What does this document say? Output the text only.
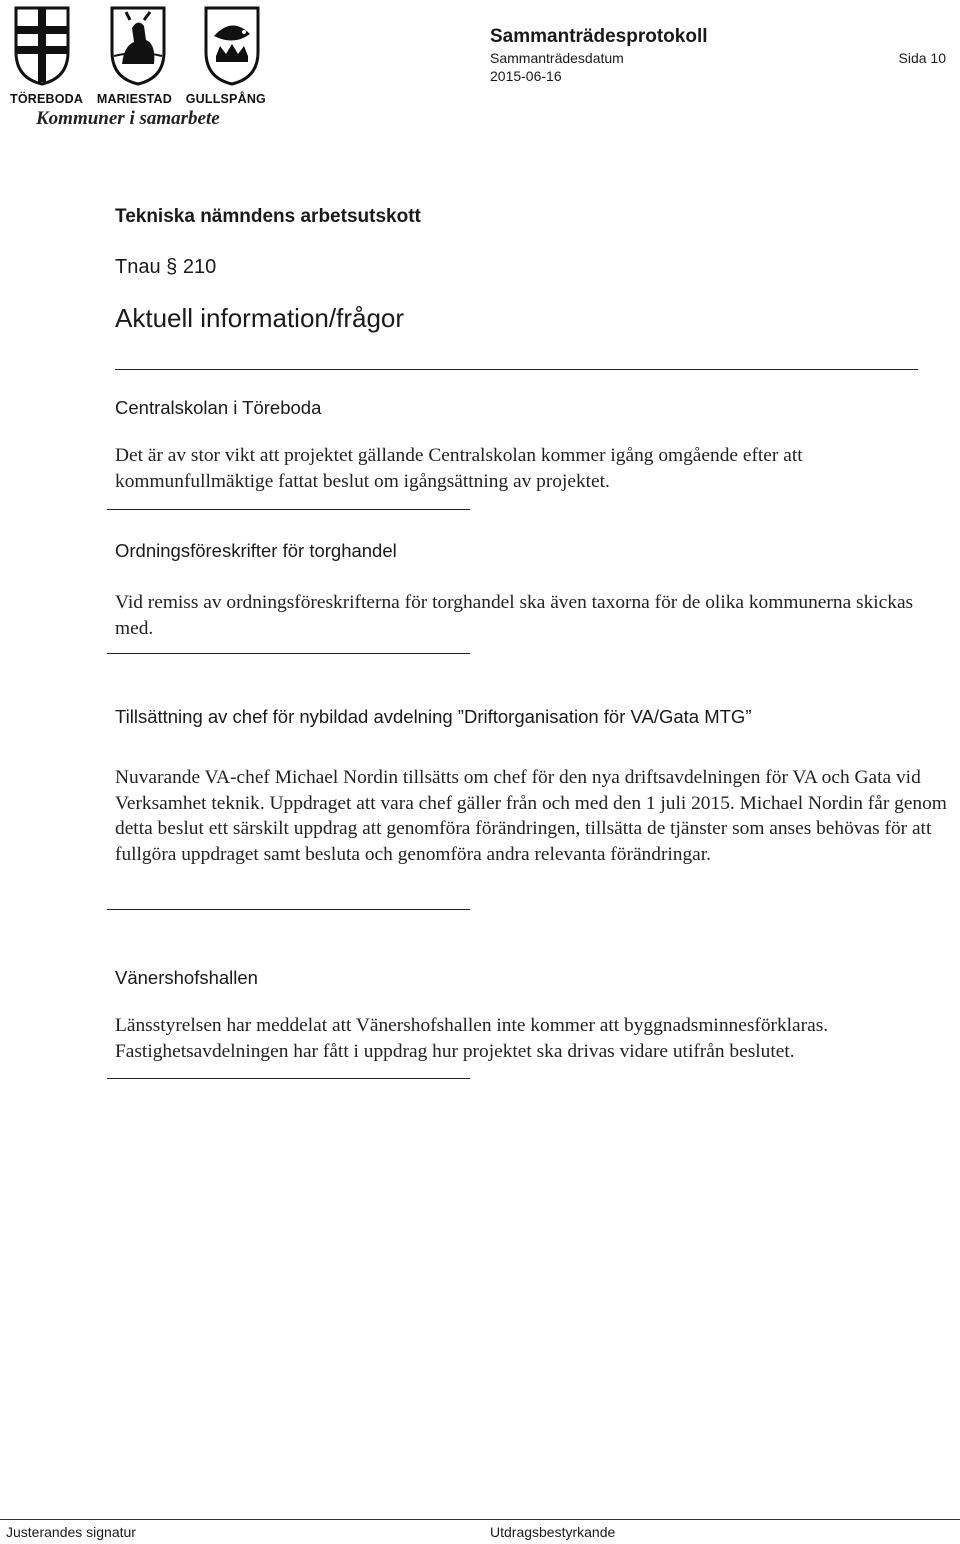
TÖREBODA MARIESTAD GULLSPÅNG
Kommuner i samarbete
Sammanträdesprotokoll
Sammanträdesdatum
2015-06-16
Sida 10
Tekniska nämndens arbetsutskott
Tnau § 210
Aktuell information/frågor
Centralskolan i Töreboda
Det är av stor vikt att projektet gällande Centralskolan kommer igång omgående efter att kommunfullmäktige fattat beslut om igångsättning av projektet.
Ordningsföreskrifter för torghandel
Vid remiss av ordningsföreskrifterna för torghandel ska även taxorna för de olika kommunerna skickas med.
Tillsättning av chef för nybildad avdelning ”Driftorganisation för VA/Gata MTG”
Nuvarande VA-chef Michael Nordin tillsätts om chef för den nya driftsavdelningen för VA och Gata vid Verksamhet teknik. Uppdraget att vara chef gäller från och med den 1 juli 2015. Michael Nordin får genom detta beslut ett särskilt uppdrag att genomföra förändringen, tillsätta de tjänster som anses behövas för att fullgöra uppdraget samt besluta och genomföra andra relevanta förändringar.
Vänershofshallen
Länsstyrelsen har meddelat att Vänershofshallen inte kommer att byggnadsminnesförklaras. Fastighetsavdelningen har fått i uppdrag hur projektet ska drivas vidare utifrån beslutet.
Justerandes signatur	Utdragsbestyrkande
